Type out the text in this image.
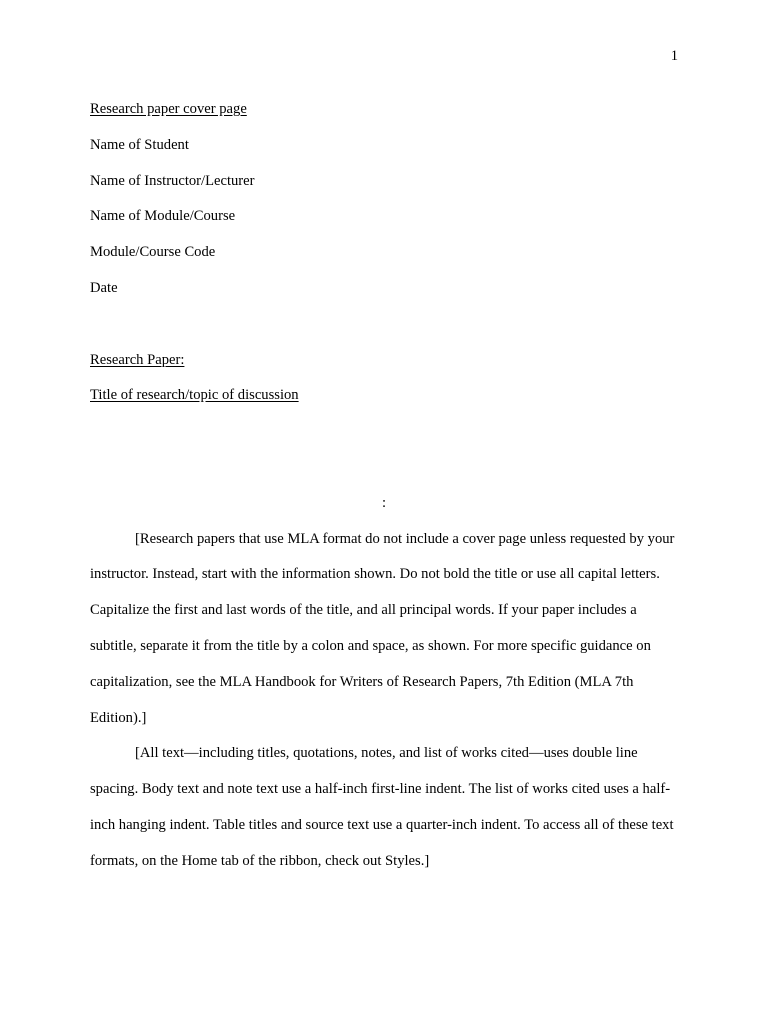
1
Research paper cover page
Name of Student
Name of Instructor/Lecturer
Name of Module/Course
Module/Course Code
Date
Research Paper:
Title of research/topic of discussion
:

[Research papers that use MLA format do not include a cover page unless requested by your instructor. Instead, start with the information shown. Do not bold the title or use all capital letters. Capitalize the first and last words of the title, and all principal words. If your paper includes a subtitle, separate it from the title by a colon and space, as shown. For more specific guidance on capitalization, see the MLA Handbook for Writers of Research Papers, 7th Edition (MLA 7th Edition).]

[All text—including titles, quotations, notes, and list of works cited—uses double line spacing. Body text and note text use a half-inch first-line indent. The list of works cited uses a half-inch hanging indent. Table titles and source text use a quarter-inch indent. To access all of these text formats, on the Home tab of the ribbon, check out Styles.]
